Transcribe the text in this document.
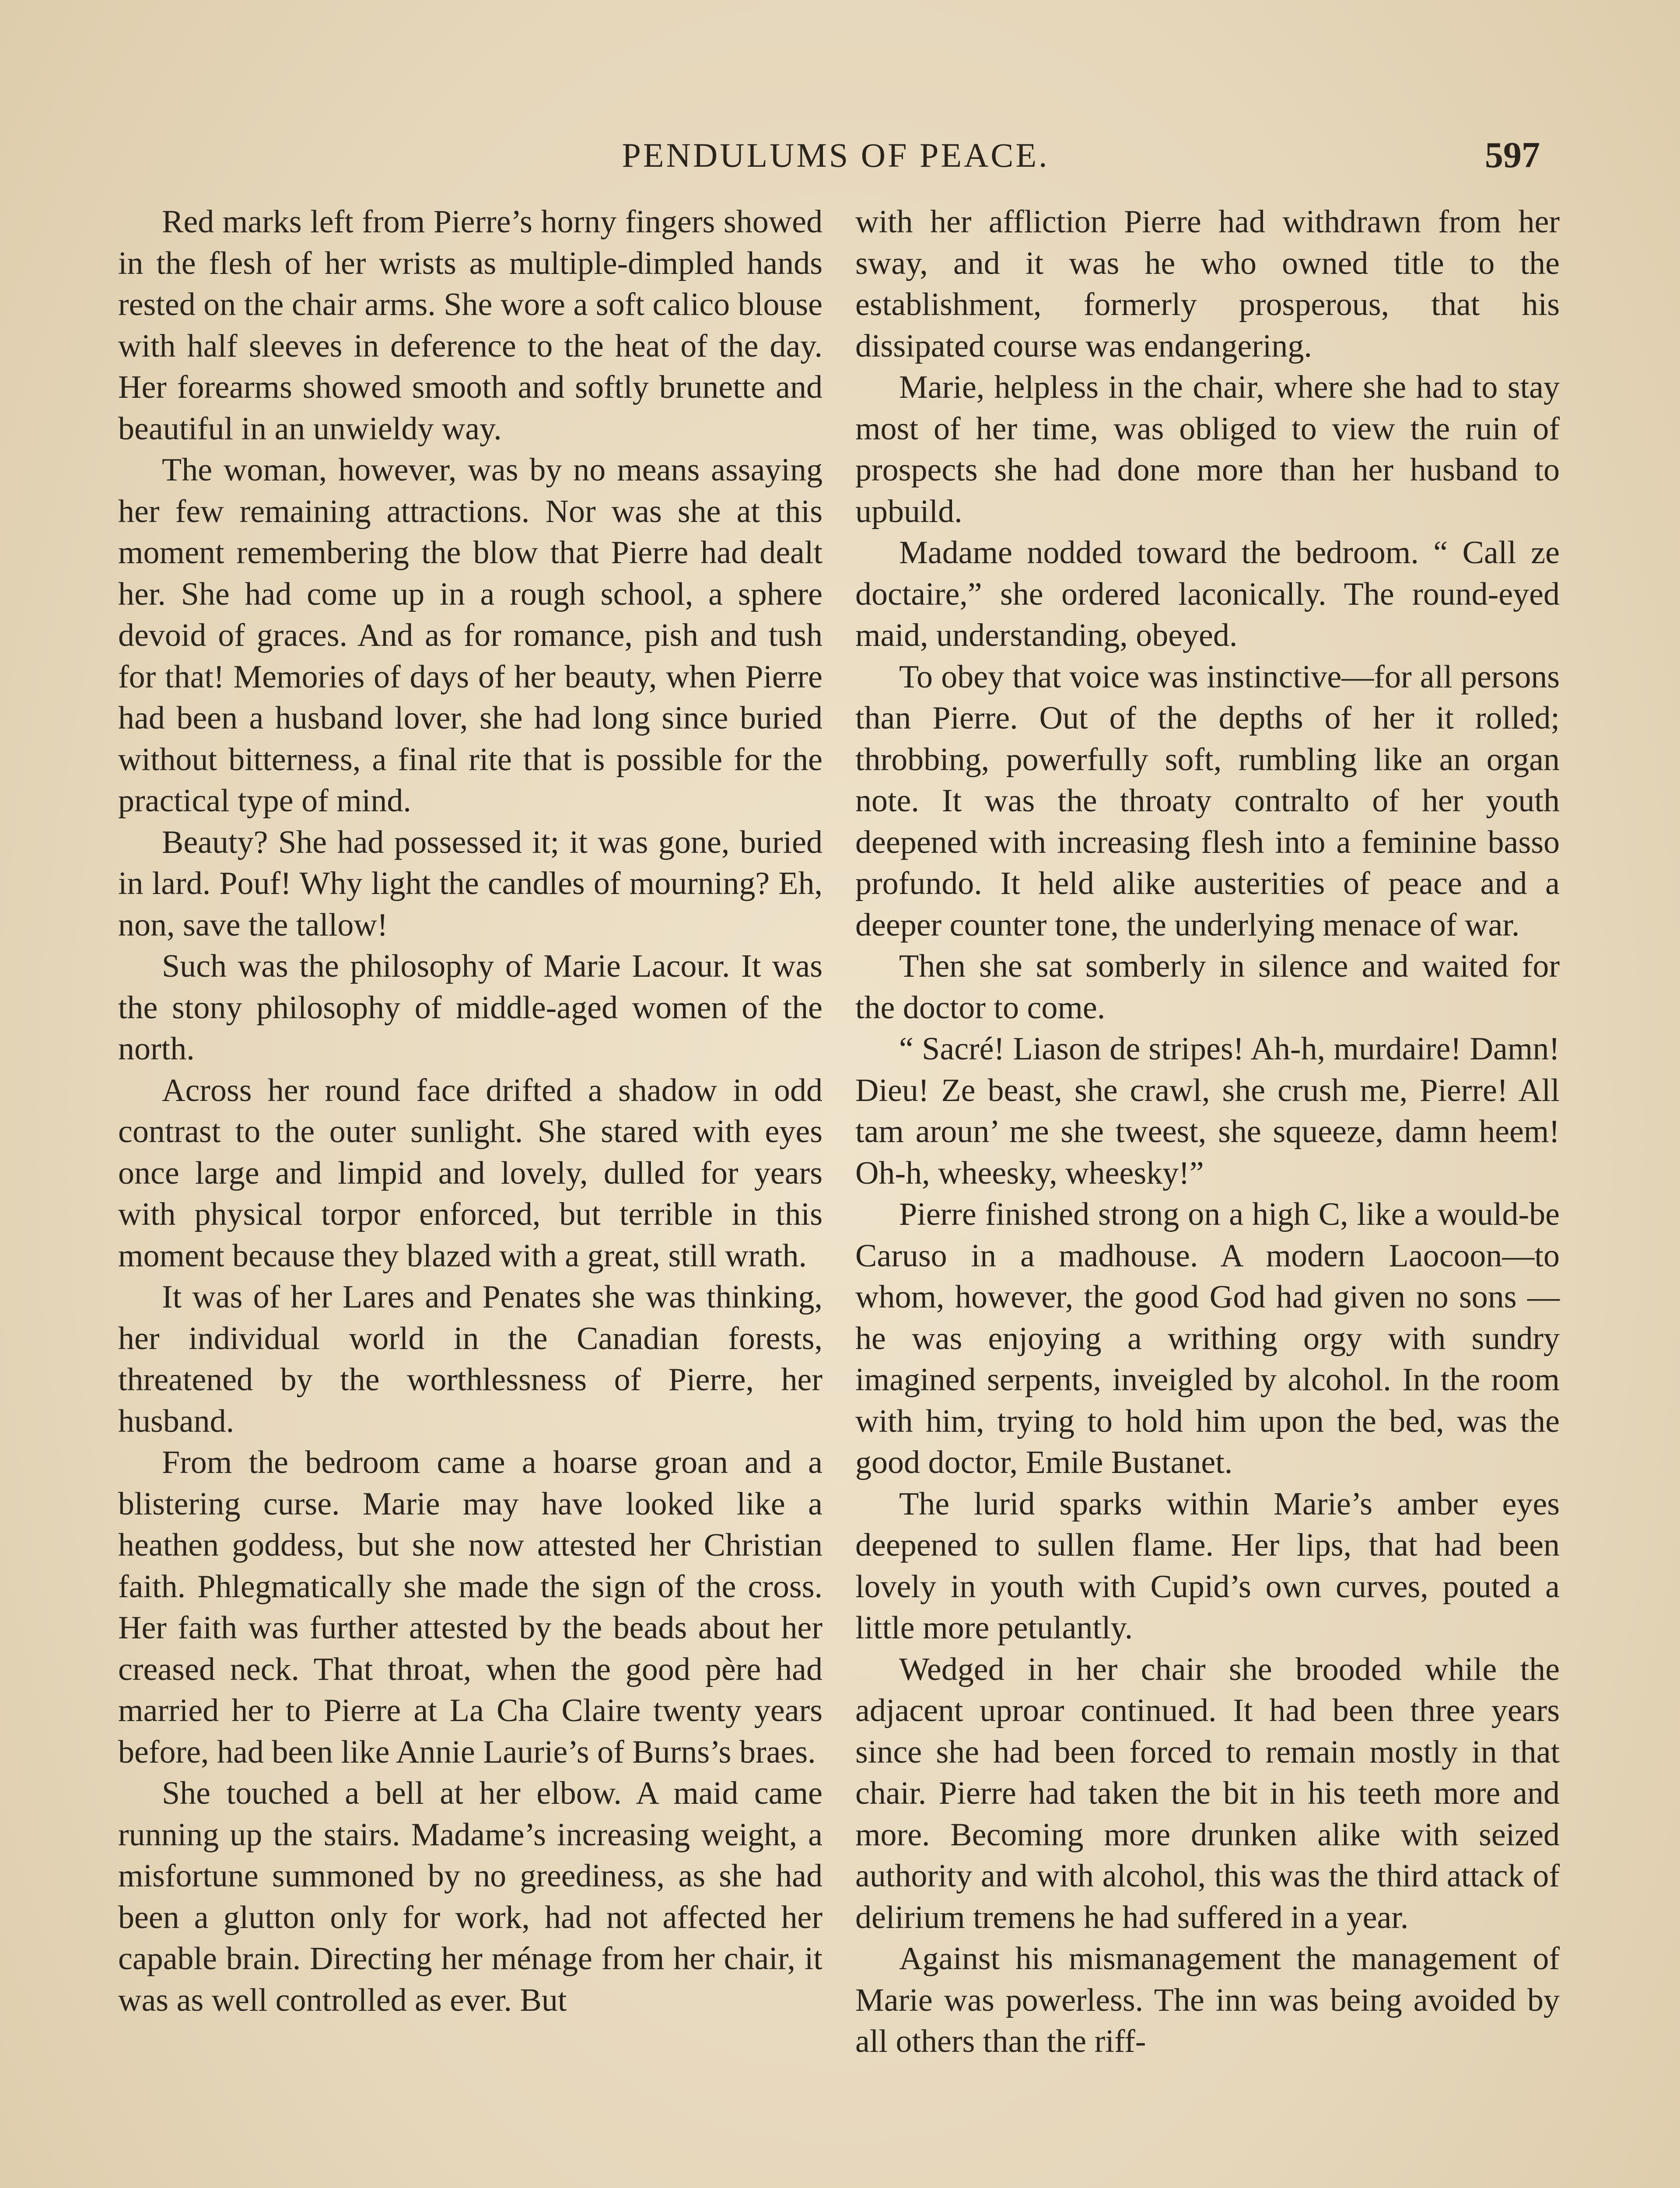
PENDULUMS OF PEACE.	597

Red marks left from Pierre’s horny fingers showed in the flesh of her wrists as multiple-dimpled hands rested on the chair arms. She wore a soft calico blouse with half sleeves in deference to the heat of the day. Her forearms showed smooth and softly brunette and beautiful in an unwieldy way.

The woman, however, was by no means assaying her few remaining attractions. Nor was she at this moment remembering the blow that Pierre had dealt her. She had come up in a rough school, a sphere devoid of graces. And as for romance, pish and tush for that! Memories of days of her beauty, when Pierre had been a husband lover, she had long since buried without bitterness, a final rite that is possible for the practical type of mind.

Beauty? She had possessed it; it was gone, buried in lard. Pouf! Why light the candles of mourning? Eh, non, save the tallow!

Such was the philosophy of Marie Lacour. It was the stony philosophy of middle-aged women of the north.

Across her round face drifted a shadow in odd contrast to the outer sunlight. She stared with eyes once large and limpid and lovely, dulled for years with physical torpor enforced, but terrible in this moment because they blazed with a great, still wrath.

It was of her Lares and Penates she was thinking, her individual world in the Canadian forests, threatened by the worthlessness of Pierre, her husband.

From the bedroom came a hoarse groan and a blistering curse. Marie may have looked like a heathen goddess, but she now attested her Christian faith. Phlegmatically she made the sign of the cross. Her faith was further attested by the beads about her creased neck. That throat, when the good père had married her to Pierre at La Cha Claire twenty years before, had been like Annie Laurie’s of Burns’s braes.

She touched a bell at her elbow. A maid came running up the stairs. Madame’s increasing weight, a misfortune summoned by no greediness, as she had been a glutton only for work, had not affected her capable brain. Directing her ménage from her chair, it was as well controlled as ever. But

with her affliction Pierre had withdrawn from her sway, and it was he who owned title to the establishment, formerly prosperous, that his dissipated course was endangering.

Marie, helpless in the chair, where she had to stay most of her time, was obliged to view the ruin of prospects she had done more than her husband to upbuild.

Madame nodded toward the bedroom. “ Call ze doctaire,” she ordered laconically. The round-eyed maid, understanding, obeyed.

To obey that voice was instinctive—for all persons than Pierre. Out of the depths of her it rolled; throbbing, powerfully soft, rumbling like an organ note. It was the throaty contralto of her youth deepened with increasing flesh into a feminine basso profundo. It held alike austerities of peace and a deeper counter tone, the underlying menace of war.

Then she sat somberly in silence and waited for the doctor to come.

“ Sacré! Liason de stripes! Ah-h, murdaire! Damn! Dieu! Ze beast, she crawl, she crush me, Pierre! All tam aroun’ me she tweest, she squeeze, damn heem! Oh-h, wheesky, wheesky!”

Pierre finished strong on a high C, like a would-be Caruso in a madhouse. A modern Laocoon—to whom, however, the good God had given no sons — he was enjoying a writhing orgy with sundry imagined serpents, inveigled by alcohol. In the room with him, trying to hold him upon the bed, was the good doctor, Emile Bustanet.

The lurid sparks within Marie’s amber eyes deepened to sullen flame. Her lips, that had been lovely in youth with Cupid’s own curves, pouted a little more petulantly.

Wedged in her chair she brooded while the adjacent uproar continued. It had been three years since she had been forced to remain mostly in that chair. Pierre had taken the bit in his teeth more and more. Becoming more drunken alike with seized authority and with alcohol, this was the third attack of delirium tremens he had suffered in a year.

Against his mismanagement the management of Marie was powerless. The inn was being avoided by all others than the riff-
